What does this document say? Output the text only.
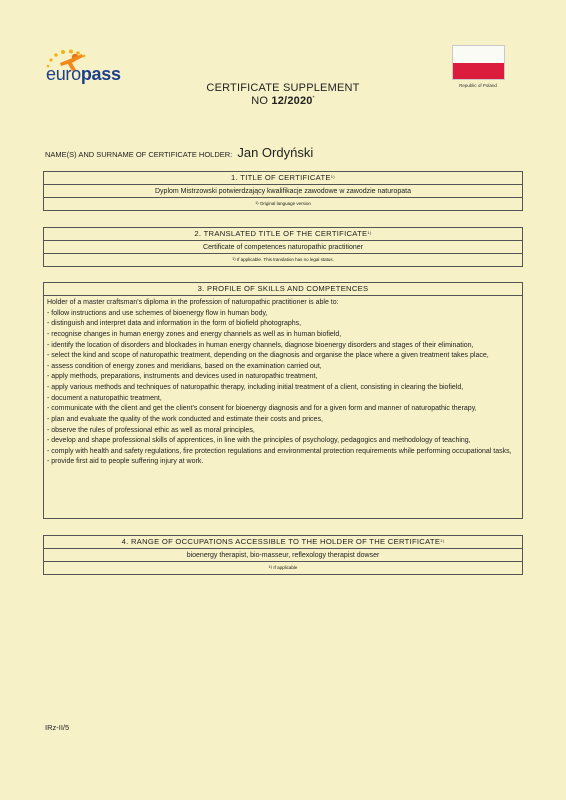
europass
Republic of Poland
CERTIFICATE SUPPLEMENT
NO 12/2020*
NAME(S) AND SURNAME OF CERTIFICATE HOLDER: Jan Ordyński
1. TITLE OF CERTIFICATE$^{1)}$
Dyplom Mistrzowski potwierdzający kwalifikacje zawodowe w zawodzie naturopata
$^{1)}$ Original language version
2. TRANSLATED TITLE OF THE CERTIFICATE$^{1)}$
Certificate of competences naturopathic practitioner
$^{1)}$ If applicable. This translation has no legal status.
3. PROFILE OF SKILLS AND COMPETENCES

Holder of a master craftsman's diploma in the profession of naturopathic practitioner is able to:

- follow instructions and use schemes of bioenergy flow in human body,

- distinguish and interpret data and information in the form of biofield photographs,

- recognise changes in human energy zones and energy channels as well as in human biofield,

- identify the location of disorders and blockades in human energy channels, diagnose bioenergy disorders and stages of their elimination,

- select the kind and scope of naturopathic treatment, depending on the diagnosis and organise the place where a given treatment takes place,

- assess condition of energy zones and meridians, based on the examination carried out,

- apply methods, preparations, instruments and devices used in naturopathic treatment,

- apply various methods and techniques of naturopathic therapy, including initial treatment of a client, consisting in clearing the biofield,

- document a naturopathic treatment,

- communicate with the client and get the client's consent for bioenergy diagnosis and for a given form and manner of naturopathic therapy,

- plan and evaluate the quality of the work conducted and estimate their costs and prices,

- observe the rules of professional ethic as well as moral principles,

- develop and shape professional skills of apprentices, in line with the principles of psychology, pedagogics and methodology of teaching,

- comply with health and safety regulations, fire protection regulations and environmental protection requirements while performing occupational tasks,

- provide first aid to people suffering injury at work.

4. RANGE OF OCCUPATIONS ACCESSIBLE TO THE HOLDER OF THE CERTIFICATE$^{1)}$
bioenergy therapist, bio-masseur, reflexology therapist dowser
$^{1)}$ If applicable
IRz-II/5
